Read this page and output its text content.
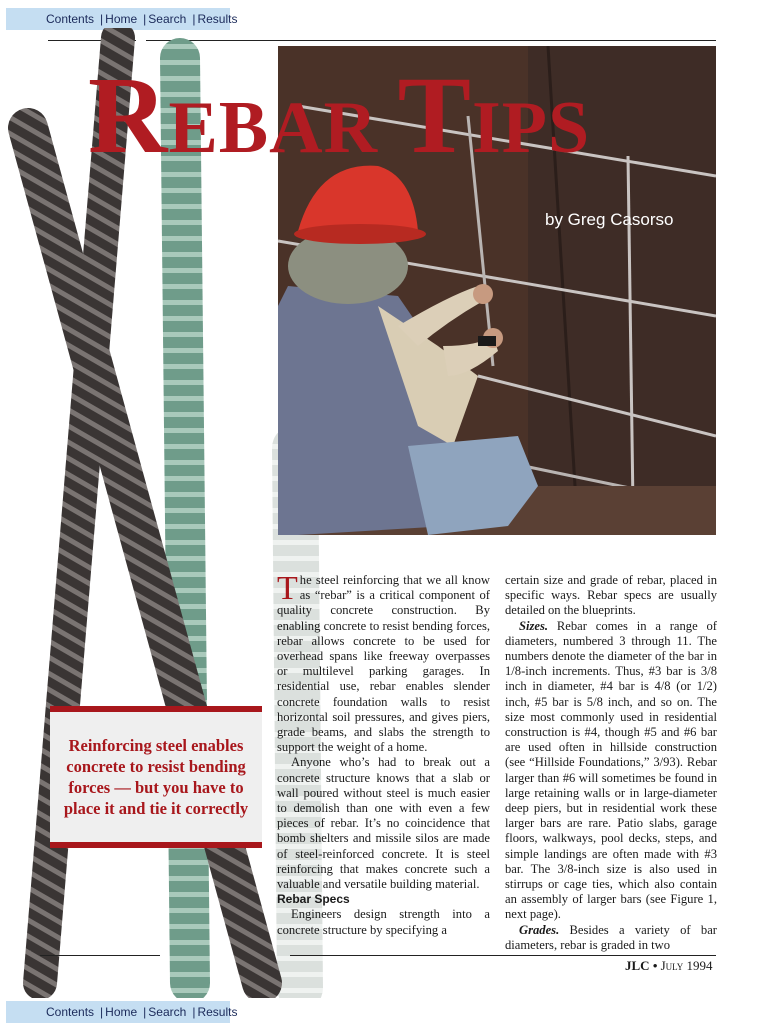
Contents | Home | Search | Results
REBAR TIPS
by Greg Casorso

Reinforcing steel enables concrete to resist bending forces — but you have to place it and tie it correctly

The steel reinforcing that we all know as “rebar” is a critical component of quality concrete construction. By enabling concrete to resist bending forces, rebar allows concrete to be used for overhead spans like freeway overpasses or multilevel parking garages. In residential use, rebar enables slender concrete foundation walls to resist horizontal soil pressures, and gives piers, grade beams, and slabs the strength to support the weight of a home.

Anyone who’s had to break out a concrete structure knows that a slab or wall poured without steel is much easier to demolish than one with even a few pieces of rebar. It’s no coincidence that bomb shelters and missile silos are made of steel-reinforced concrete. It is steel reinforcing that makes concrete such a valuable and versatile building material.

Rebar Specs

Engineers design strength into a concrete structure by specifying a

certain size and grade of rebar, placed in specific ways. Rebar specs are usually detailed on the blueprints.

Sizes. Rebar comes in a range of diameters, numbered 3 through 11. The numbers denote the diameter of the bar in 1/8-inch increments. Thus, #3 bar is 3/8 inch in diameter, #4 bar is 4/8 (or 1/2) inch, #5 bar is 5/8 inch, and so on. The size most commonly used in residential construction is #4, though #5 and #6 bar are used often in hillside construction (see “Hillside Foundations,” 3/93). Rebar larger than #6 will sometimes be found in large retaining walls or in large-diameter deep piers, but in residential work these larger bars are rare. Patio slabs, garage floors, walkways, pool decks, steps, and simple landings are often made with #3 bar. The 3/8-inch size is also used in stirrups or cage ties, which also contain an assembly of larger bars (see Figure 1, next page).

Grades. Besides a variety of bar diameters, rebar is graded in two

JLC • July 1994
Contents | Home | Search | Results
